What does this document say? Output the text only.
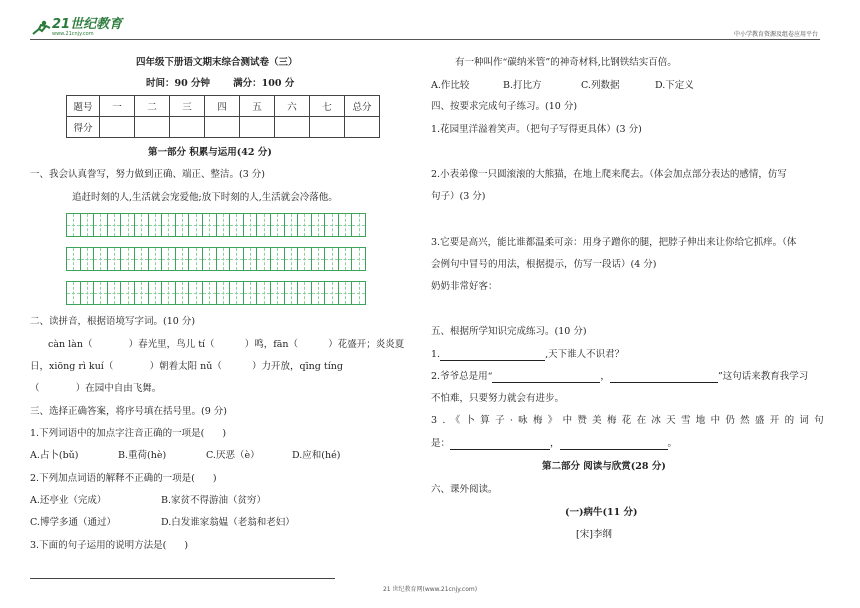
21世纪教育
www.21cnjy.com	中小学教育资源及组卷应用平台
四年级下册语文期末综合测试卷（三）
时间：90 分钟       满分：100 分
题号	一	二	三	四	五	六	七	总分
得分								
第一部分 积累与运用(42 分)
一、我会认真誊写，努力做到正确、端正、整洁。(3 分)
追赶时刻的人,生活就会宠爱他;放下时刻的人,生活就会冷落他。
二、读拼音，根据语境写字词。(10 分)
càn làn（            ）春光里，鸟儿 tí（          ）鸣，fān（          ）花盛开；炎炎夏
日，xiōng rì kuí（            ）朝着太阳 nǔ（          ）力开放，qīng tíng
（            ）在园中自由飞舞。
三、选择正确答案，将序号填在括号里。(9 分)
1.下列词语中的加点字注音正确的一项是(      )
A.占卜(bǔ)	B.重荷(hè)	C.厌恶（è）	D.应和(hé)
2.下列加点词语的解释不正确的一项是(      )
A.还亭业（完成）	B.家贫不得游油（贫穷）
C.博学多通（通过）	D.白发谁家翁媪（老翁和老妇）
3.下面的句子运用的说明方法是(      )
有一种叫作“碳纳米管”的神奇材料,比钢铁结实百倍。
A.作比较	B.打比方	C.列数据	D.下定义
四、按要求完成句子练习。(10 分)
1.花园里洋溢着笑声。（把句子写得更具体）(3 分)
2.小表弟像一只圆滚滚的大熊猫，在地上爬来爬去。（体会加点部分表达的感情，仿写
句子）(3 分)
3.它要是高兴，能比谁都温柔可亲：用身子蹭你的腿，把脖子伸出来让你给它抓痒。（体
会例句中冒号的用法，根据提示，仿写一段话）(4 分)
奶奶非常好客：
五、根据所学知识完成练习。(10 分)
1.	,天下谁人不识君？
2.爷爷总是用“	，	”这句话来教育我学习
不怕难，只要努力就会有进步。
3.《卜算子·咏梅》中赞美梅花在冰天雪地中仍然盛开的词句
是：	，	。
第二部分 阅读与欣赏(28 分)
六、课外阅读。
(一)病牛(11 分)
[宋]李纲
21 世纪教育网(www.21cnjy.com)
